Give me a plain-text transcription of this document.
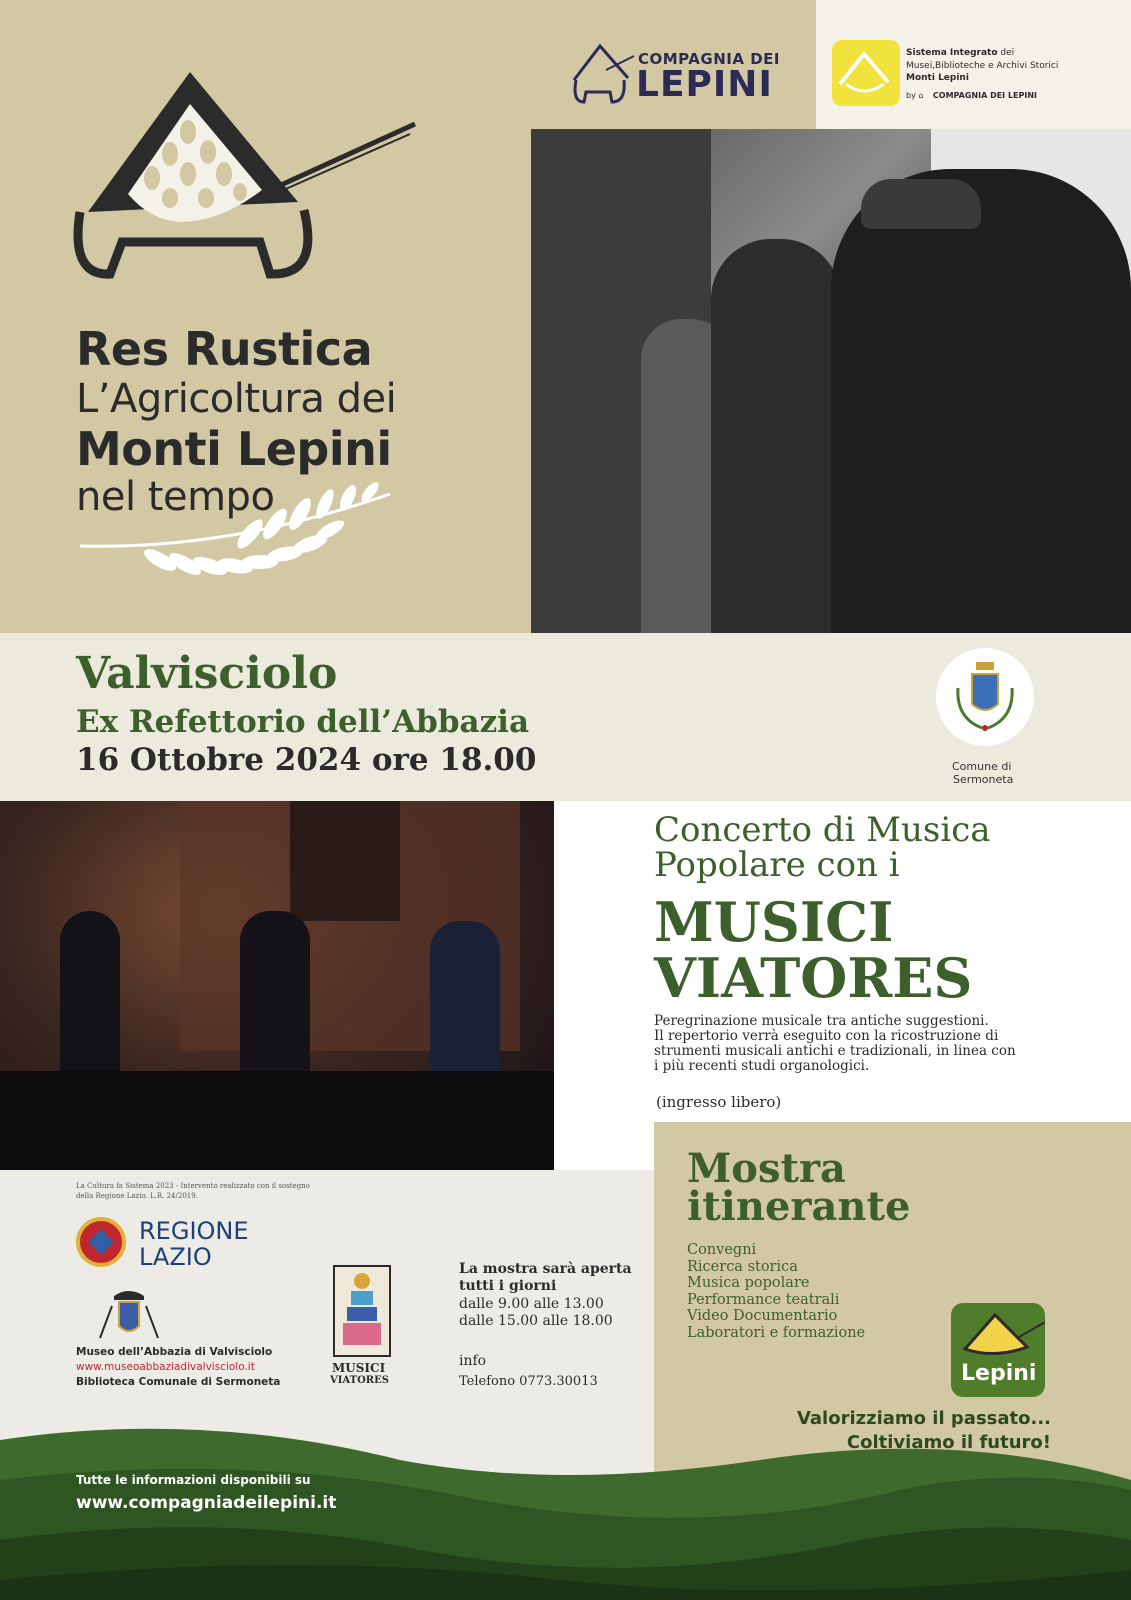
COMPAGNIA DEI
LEPINI
Sistema Integrato dei
Musei,Biblioteche e Archivi Storici
Monti Lepini
by ⌂ COMPAGNIA DEI LEPINI
Res Rustica
L’Agricoltura dei
Monti Lepini
nel tempo
Valvisciolo
Ex Refettorio dell’Abbazia
16 Ottobre 2024 ore 18.00	Comune di
Sermoneta
Concerto di Musica
Popolare con i
MUSICI
VIATORES
Peregrinazione musicale tra antiche suggestioni.
Il repertorio verrà eseguito con la ricostruzione di
strumenti musicali antichi e tradizionali, in linea con
i più recenti studi organologici.
(ingresso libero)
La Cultura fa Sistema 2023 - Intervento realizzato con il sostegno
della Regione Lazio. L.R. 24/2019.
REGIONE
LAZIO
Museo dell’Abbazia di Valvisciolo
www.museoabbaziadivalvisciolo.it
Biblioteca Comunale di Sermoneta
MUSICI
VIATORES
La mostra sarà aperta
tutti i giorni
dalle 9.00 alle 13.00
dalle 15.00 alle 18.00
info
Telefono 0773.30013
Mostra
itinerante
Convegni
Ricerca storica
Musica popolare
Performance teatrali
Video Documentario
Laboratori e formazione
Lepini
Valorizziamo il passato...
Coltiviamo il futuro!
Tutte le informazioni disponibili su
www.compagniadeilepini.it
